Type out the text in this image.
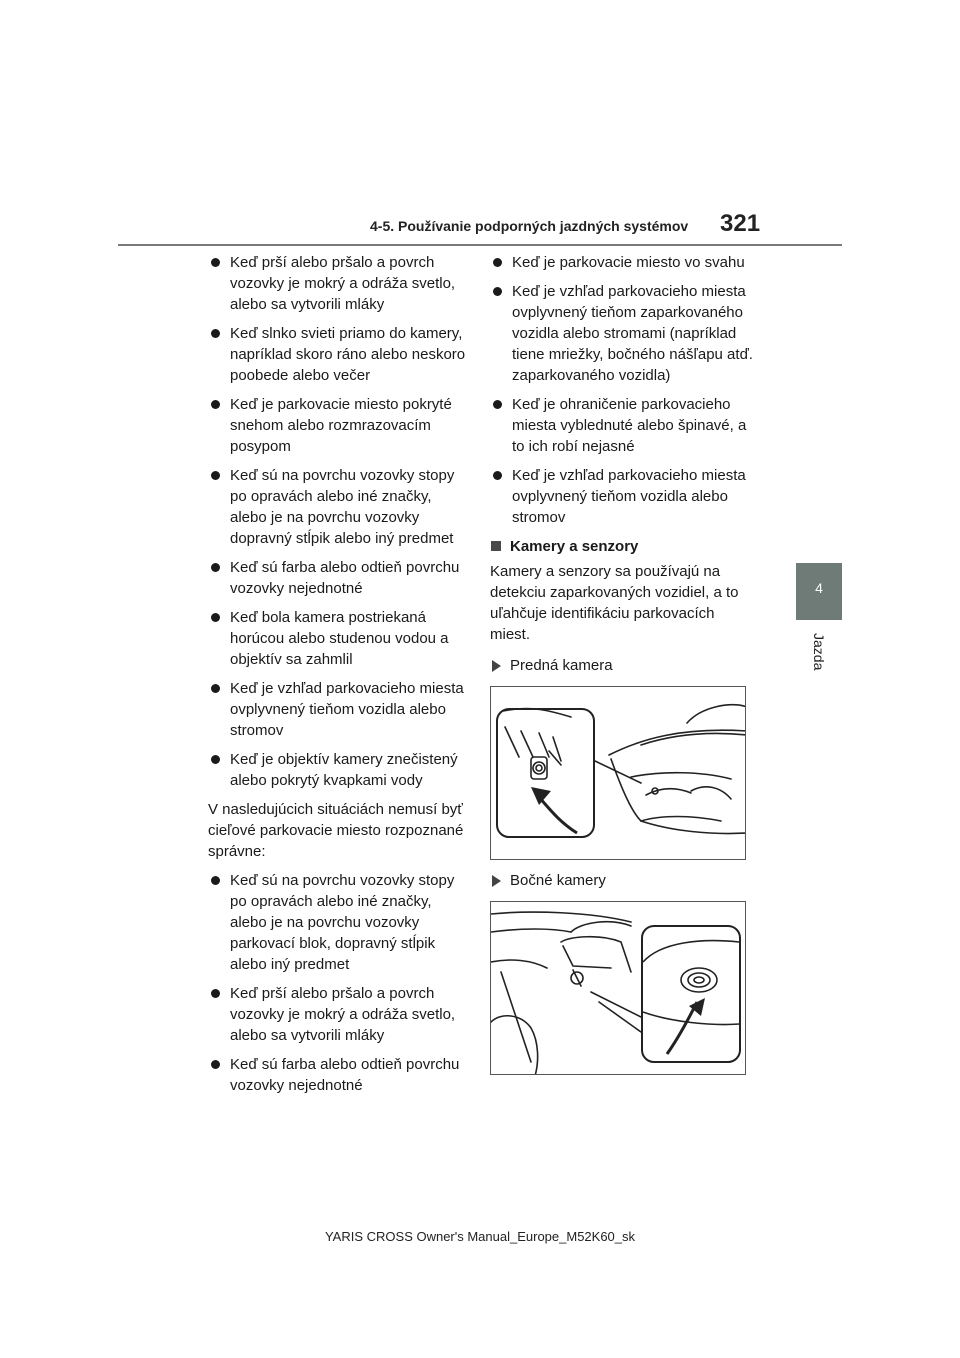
4-5. Používanie podporných jazdných systémov	321
4
Jazda
Keď prší alebo pršalo a povrch vozovky je mokrý a odráža svetlo, alebo sa vytvorili mláky
Keď slnko svieti priamo do kamery, napríklad skoro ráno alebo neskoro poobede alebo večer
Keď je parkovacie miesto pokryté snehom alebo rozmrazovacím posypom
Keď sú na povrchu vozovky stopy po opravách alebo iné značky, alebo je na povrchu vozovky dopravný stĺpik alebo iný predmet
Keď sú farba alebo odtieň povrchu vozovky nejednotné
Keď bola kamera postriekaná horúcou alebo studenou vodou a objektív sa zahmlil
Keď je vzhľad parkovacieho miesta ovplyvnený tieňom vozidla alebo stromov
Keď je objektív kamery znečistený alebo pokrytý kvapkami vody

V nasledujúcich situáciách nemusí byť cieľové parkovacie miesto rozpoznané správne:

Keď sú na povrchu vozovky stopy po opravách alebo iné značky, alebo je na povrchu vozovky parkovací blok, dopravný stĺpik alebo iný predmet
Keď prší alebo pršalo a povrch vozovky je mokrý a odráža svetlo, alebo sa vytvorili mláky
Keď sú farba alebo odtieň povrchu vozovky nejednotné
Keď je parkovacie miesto vo svahu
Keď je vzhľad parkovacieho miesta ovplyvnený tieňom zaparkovaného vozidla alebo stromami (napríklad tiene mriežky, bočného nášľapu atď. zaparkovaného vozidla)
Keď je ohraničenie parkovacieho miesta vyblednuté alebo špinavé, a to ich robí nejasné
Keď je vzhľad parkovacieho miesta ovplyvnený tieňom vozidla alebo stromov
Kamery a senzory

Kamery a senzory sa používajú na detekciu zaparkovaných vozidiel, a to uľahčuje identifikáciu parkovacích miest.

Predná kamera
Bočné kamery
YARIS CROSS Owner's Manual_Europe_M52K60_sk
